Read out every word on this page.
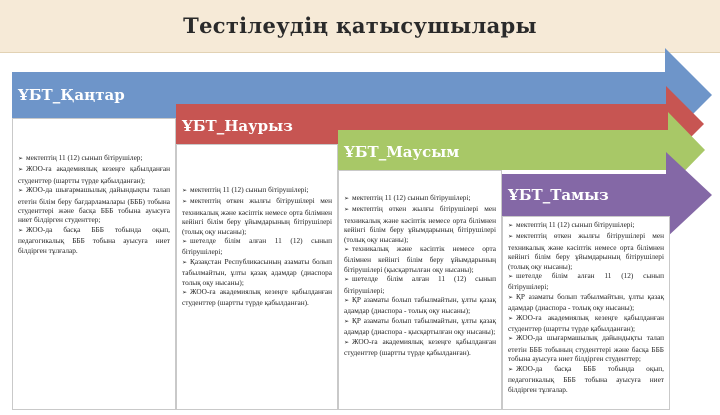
Тестілеудің қатысушылары
ҰБТ_Қаңтар
ҰБТ_Наурыз
ҰБТ_Маусым
ҰБТ_Тамыз
➢ мектептің 11 (12) сынып бітірушілер;
➢ ЖОО-ға академиялық кезеңге қабылданған студенттер (шартты түрде қабылданған);
➢ ЖОО-да шығармашылық дайындықты талап ететін білім беру бағдарламалары (БББ) тобына студенттері және басқа БББ тобына ауысуға ниет білдірген студенттер;
➢ ЖОО-да басқа БББ тобында оқып, педагогикалық БББ тобына ауысуға ниет білдірген тұлғалар.
➢ мектептің 11 (12) сынып бітірушілері;
➢ мектептің өткен жылғы бітірушілері мен техникалық және кәсіптік немесе орта білімнен кейінгі білім беру ұйымдарының бітірушілері (толық оқу нысаны);
➢ шетелде білім алған 11 (12) сынып бітірушілері;
➢ Қазақстан Республикасының азаматы болып табылмайтын, ұлты қазақ адамдар (диаспора толық оқу нысаны);
➢ ЖОО-ға академиялық кезеңге қабылданған студенттер (шартты түрде қабылданған).
➢ мектептің 11 (12) сынып бітірушілері;
➢ мектептің өткен жылғы бітірушілері мен техникалық және кәсіптік немесе орта білімнен кейінгі білім беру ұйымдарының бітірушілері (толық оқу нысаны);
➢ техникалық және кәсіптік немесе орта білімнен кейінгі білім беру ұйымдарының бітірушілері (қысқартылған оқу нысаны);
➢ шетелде білім алған 11 (12) сынып бітірушілері;
➢ ҚР азаматы болып табылмайтын, ұлты қазақ адамдар (диаспора - толық оқу нысаны);
➢ ҚР азаматы болып табылмайтын, ұлты қазақ адамдар (диаспора - қысқартылған оқу нысаны);
➢ ЖОО-ға академиялық кезеңге қабылданған студенттер (шартты түрде қабылданған).
➢ мектептің 11 (12) сынып бітірушілері;
➢ мектептің өткен жылғы бітірушілері мен техникалық және кәсіптік немесе орта білімнен кейінгі білім беру ұйымдарының бітірушілері (толық оқу нысаны);
➢ шетелде білім алған 11 (12) сынып бітірушілері;
➢ ҚР азаматы болып табылмайтын, ұлты қазақ адамдар (диаспора - толық оқу нысаны);
➢ ЖОО-ға академиялық кезеңге қабылданған студенттер (шартты түрде қабылданған);
➢ ЖОО-да шығармашылық дайындықты талап ететін БББ тобының студенттері және басқа БББ тобына ауысуға ниет білдірген студенттер;
➢ ЖОО-да басқа БББ тобында оқып, педагогикалық БББ тобына ауысуға ниет білдірген тұлғалар.
